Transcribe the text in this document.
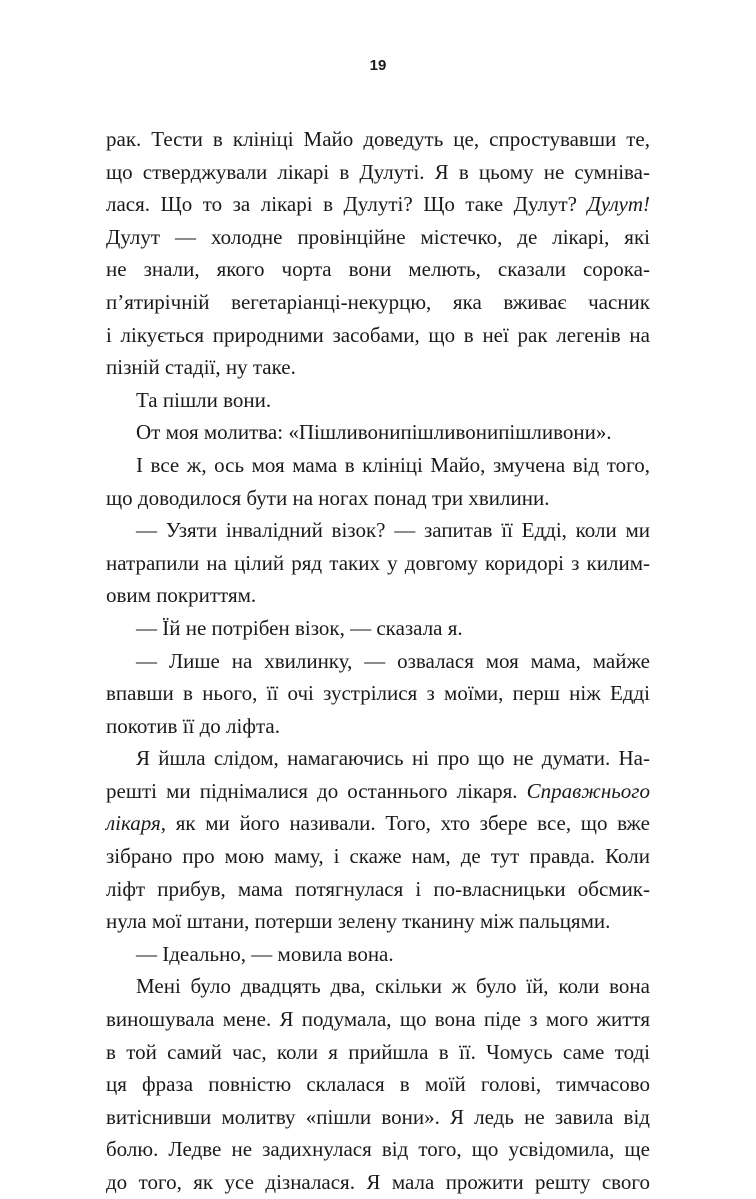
19
рак. Тести в клініці Майо доведуть це, спростувавши те,
що стверджували лікарі в Дулуті. Я в цьому не сумніва-
лася. Що то за лікарі в Дулуті? Що таке Дулут? Дулут!
Дулут — холодне провінційне містечко, де лікарі, які
не знали, якого чорта вони мелють, сказали сорока-
п’ятирічній вегетаріанці-некурцю, яка вживає часник
і лікується природними засобами, що в неї рак легенів на
пізній стадії, ну таке.
Та пішли вони.
От моя молитва: «Пішливонипішливонипішливони».
І все ж, ось моя мама в клініці Майо, змучена від того,
що доводилося бути на ногах понад три хвилини.
— Узяти інвалідний візок? — запитав її Едді, коли ми
натрапили на цілий ряд таких у довгому коридорі з килим-
овим покриттям.
— Їй не потрібен візок, — сказала я.
— Лише на хвилинку, — озвалася моя мама, майже
впавши в нього, її очі зустрілися з моїми, перш ніж Едді
покотив її до ліфта.
Я йшла слідом, намагаючись ні про що не думати. На-
решті ми піднімалися до останнього лікаря. Справжнього
лікаря, як ми його називали. Того, хто збере все, що вже
зібрано про мою маму, і скаже нам, де тут правда. Коли
ліфт прибув, мама потягнулася і по-власницьки обсмик-
нула мої штани, потерши зелену тканину між пальцями.
— Ідеально, — мовила вона.
Мені було двадцять два, скільки ж було їй, коли вона
виношувала мене. Я подумала, що вона піде з мого життя
в той самий час, коли я прийшла в її. Чомусь саме тоді
ця фраза повністю склалася в моїй голові, тимчасово
витіснивши молитву «пішли вони». Я ледь не завила від
болю. Ледве не задихнулася від того, що усвідомила, ще
до того, як усе дізналася. Я мала прожити решту свого
